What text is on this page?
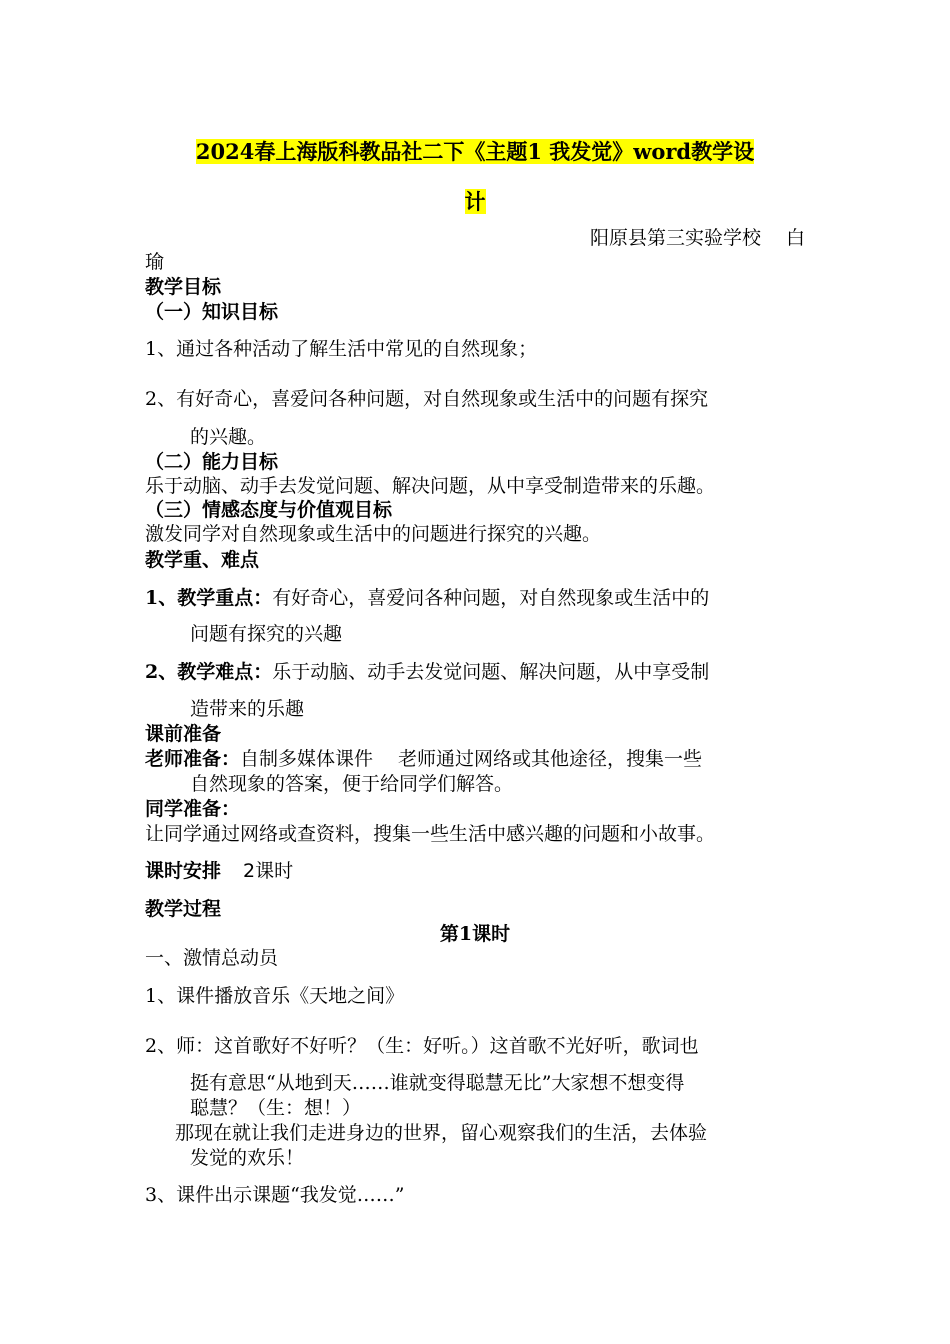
2024春上海版科教品社二下《主题1 我发觉》word教学设
计
阳原县第三实验学校　 白
瑜
教学目标
（一）知识目标
1、通过各种活动了解生活中常见的自然现象；
2、有好奇心，喜爱问各种问题，对自然现象或生活中的问题有探究
的兴趣。
（二）能力目标
乐于动脑、动手去发觉问题、解决问题，从中享受制造带来的乐趣。
（三）情感态度与价值观目标
激发同学对自然现象或生活中的问题进行探究的兴趣。
教学重、难点
1、教学重点：有好奇心，喜爱问各种问题，对自然现象或生活中的
问题有探究的兴趣
2、教学难点：乐于动脑、动手去发觉问题、解决问题，从中享受制
造带来的乐趣
课前准备
老师准备：自制多媒体课件　 老师通过网络或其他途径，搜集一些
自然现象的答案，便于给同学们解答。
同学准备：
让同学通过网络或查资料，搜集一些生活中感兴趣的问题和小故事。
课时安排 2课时
教学过程
第1课时
一、激情总动员
1、课件播放音乐《天地之间》
2、师：这首歌好不好听？（生：好听。）这首歌不光好听，歌词也
挺有意思“从地到天……谁就变得聪慧无比”大家想不想变得
聪慧？（生：想！）
那现在就让我们走进身边的世界，留心观察我们的生活，去体验
发觉的欢乐！
3、课件出示课题“我发觉……”
